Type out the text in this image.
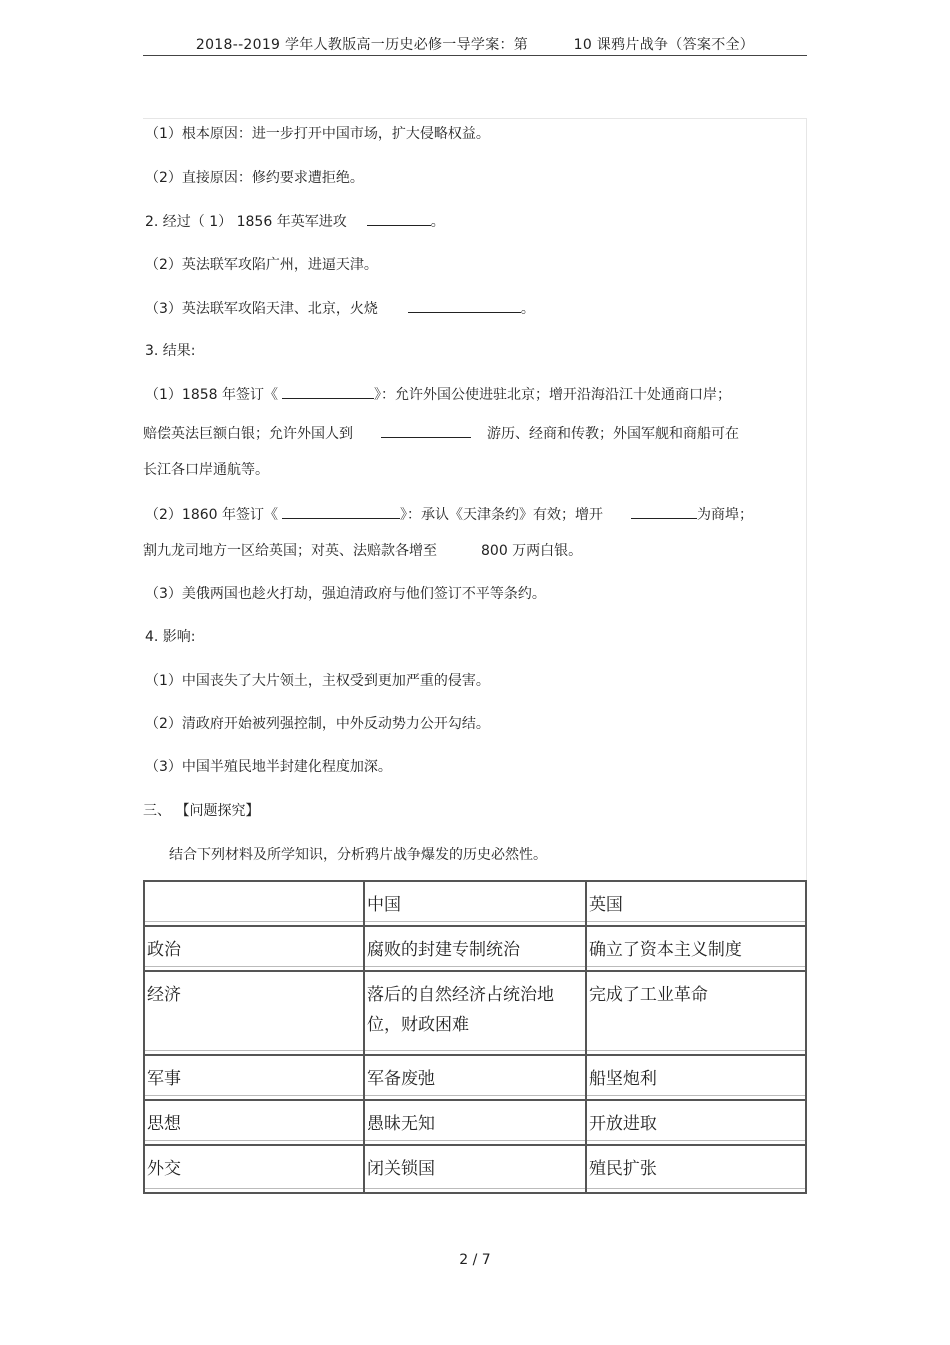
2018--2019 学年人教版高一历史必修一导学案：第	10 课鸦片战争（答案不全）
（1）根本原因：进一步打开中国市场，扩大侵略权益。
（2）直接原因：修约要求遭拒绝。
2. 经过（ 1） 1856 年英军进攻	。
（2）英法联军攻陷广州，进逼天津。
（3）英法联军攻陷天津、北京，火烧	。
3. 结果:
（1）1858 年签订《	》：允许外国公使进驻北京；增开沿海沿江十处通商口岸；
赔偿英法巨额白银；允许外国人到	游历、经商和传教；外国军舰和商船可在
长江各口岸通航等。
（2）1860 年签订《	》：承认《天津条约》有效；增开	为商埠；
割九龙司地方一区给英国；对英、法赔款各增至	800 万两白银。
（3）美俄两国也趁火打劫，强迫清政府与他们签订不平等条约。
4. 影响:
（1）中国丧失了大片领土，主权受到更加严重的侵害。
（2）清政府开始被列强控制，中外反动势力公开勾结。
（3）中国半殖民地半封建化程度加深。
三、 【问题探究】
结合下列材料及所学知识，分析鸦片战争爆发的历史必然性。

	中国	英国

政治	腐败的封建专制统治	确立了资本主义制度

经济	落后的自然经济占统治地位，财政困难	完成了工业革命

军事	军备废弛	船坚炮利

思想	愚昧无知	开放进取

外交	闭关锁国	殖民扩张
2 / 7
